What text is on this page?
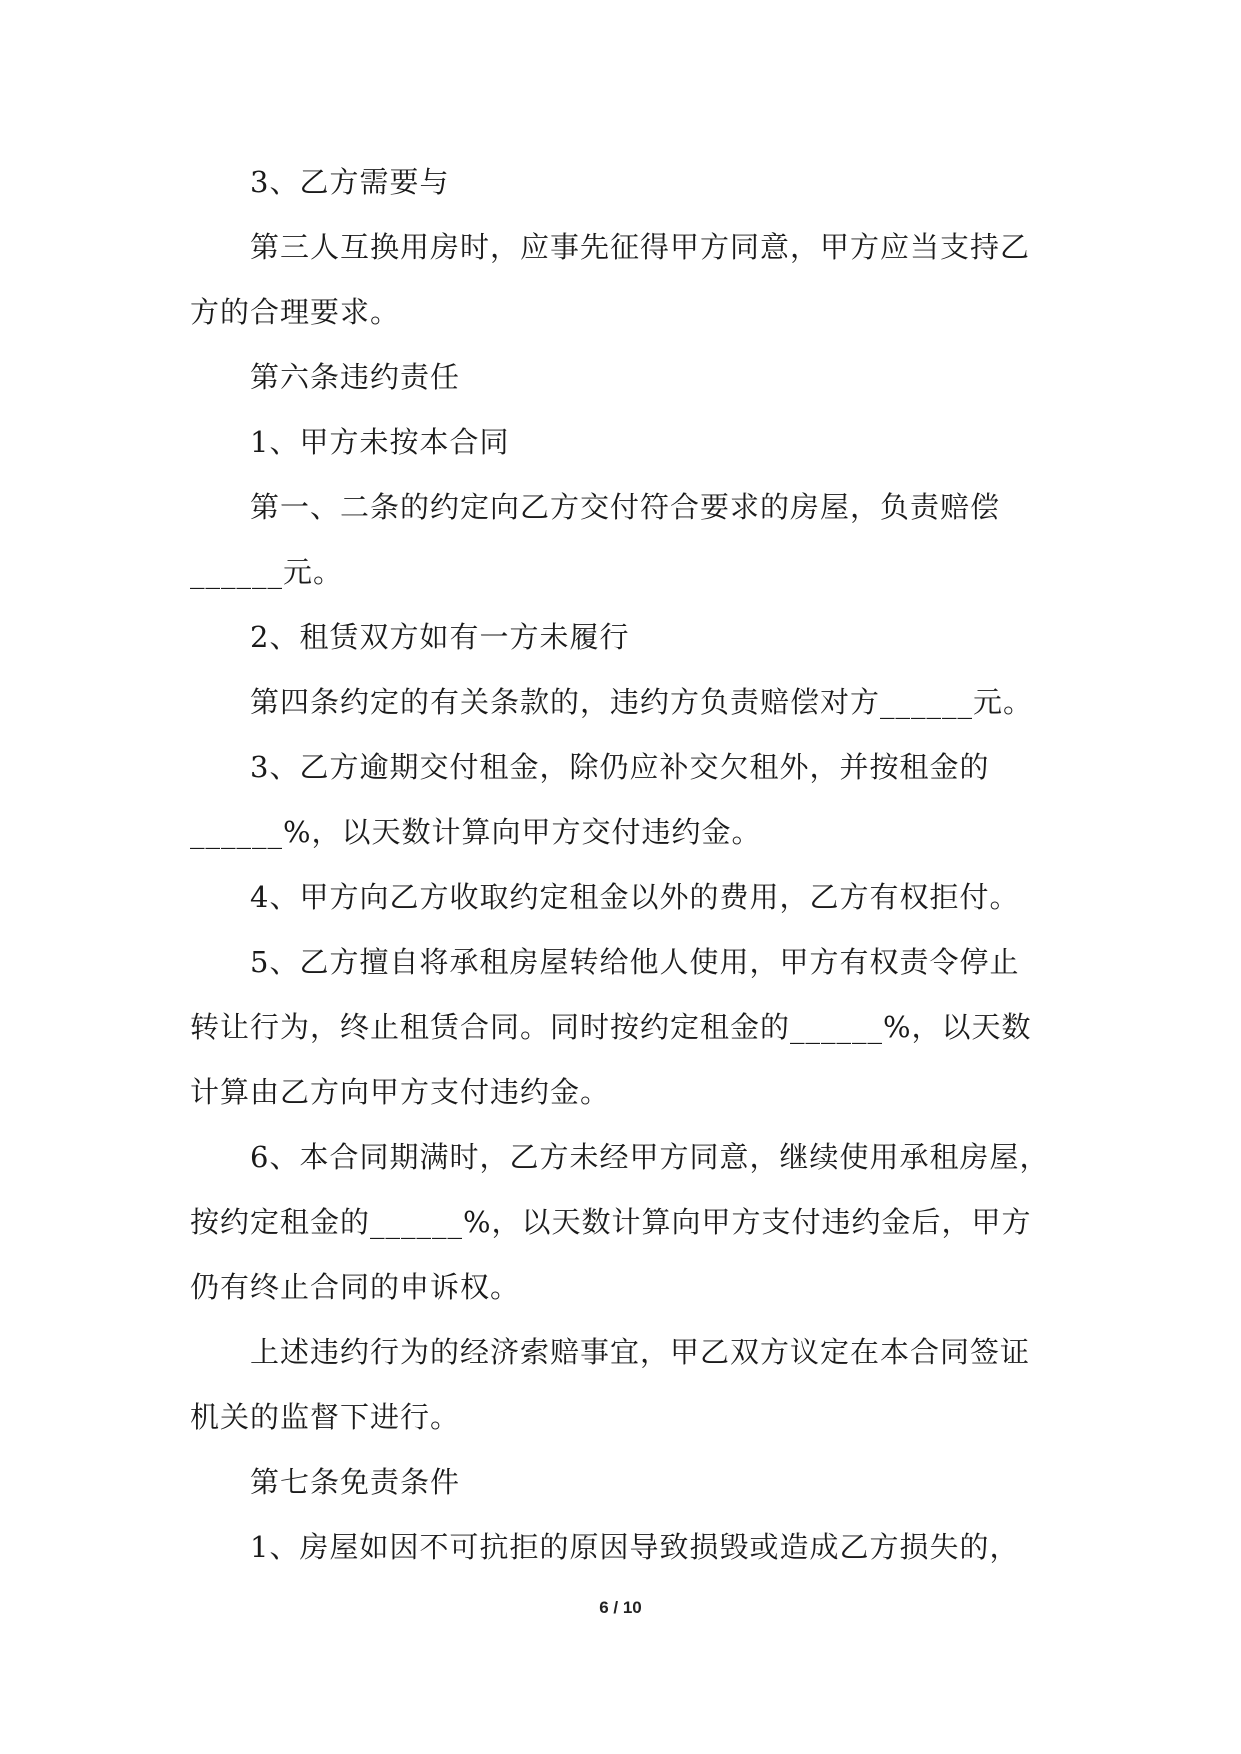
3、乙方需要与
第三人互换用房时，应事先征得甲方同意，甲方应当支持乙
方的合理要求。
第六条违约责任
1、甲方未按本合同
第一、二条的约定向乙方交付符合要求的房屋，负责赔偿
______元。
2、租赁双方如有一方未履行
第四条约定的有关条款的，违约方负责赔偿对方______元。
3、乙方逾期交付租金，除仍应补交欠租外，并按租金的
______%，以天数计算向甲方交付违约金。
4、甲方向乙方收取约定租金以外的费用，乙方有权拒付。
5、乙方擅自将承租房屋转给他人使用，甲方有权责令停止
转让行为，终止租赁合同。同时按约定租金的______%，以天数
计算由乙方向甲方支付违约金。
6、本合同期满时，乙方未经甲方同意，继续使用承租房屋，
按约定租金的______%，以天数计算向甲方支付违约金后，甲方
仍有终止合同的申诉权。
上述违约行为的经济索赔事宜，甲乙双方议定在本合同签证
机关的监督下进行。
第七条免责条件
1、房屋如因不可抗拒的原因导致损毁或造成乙方损失的，
6 / 10
